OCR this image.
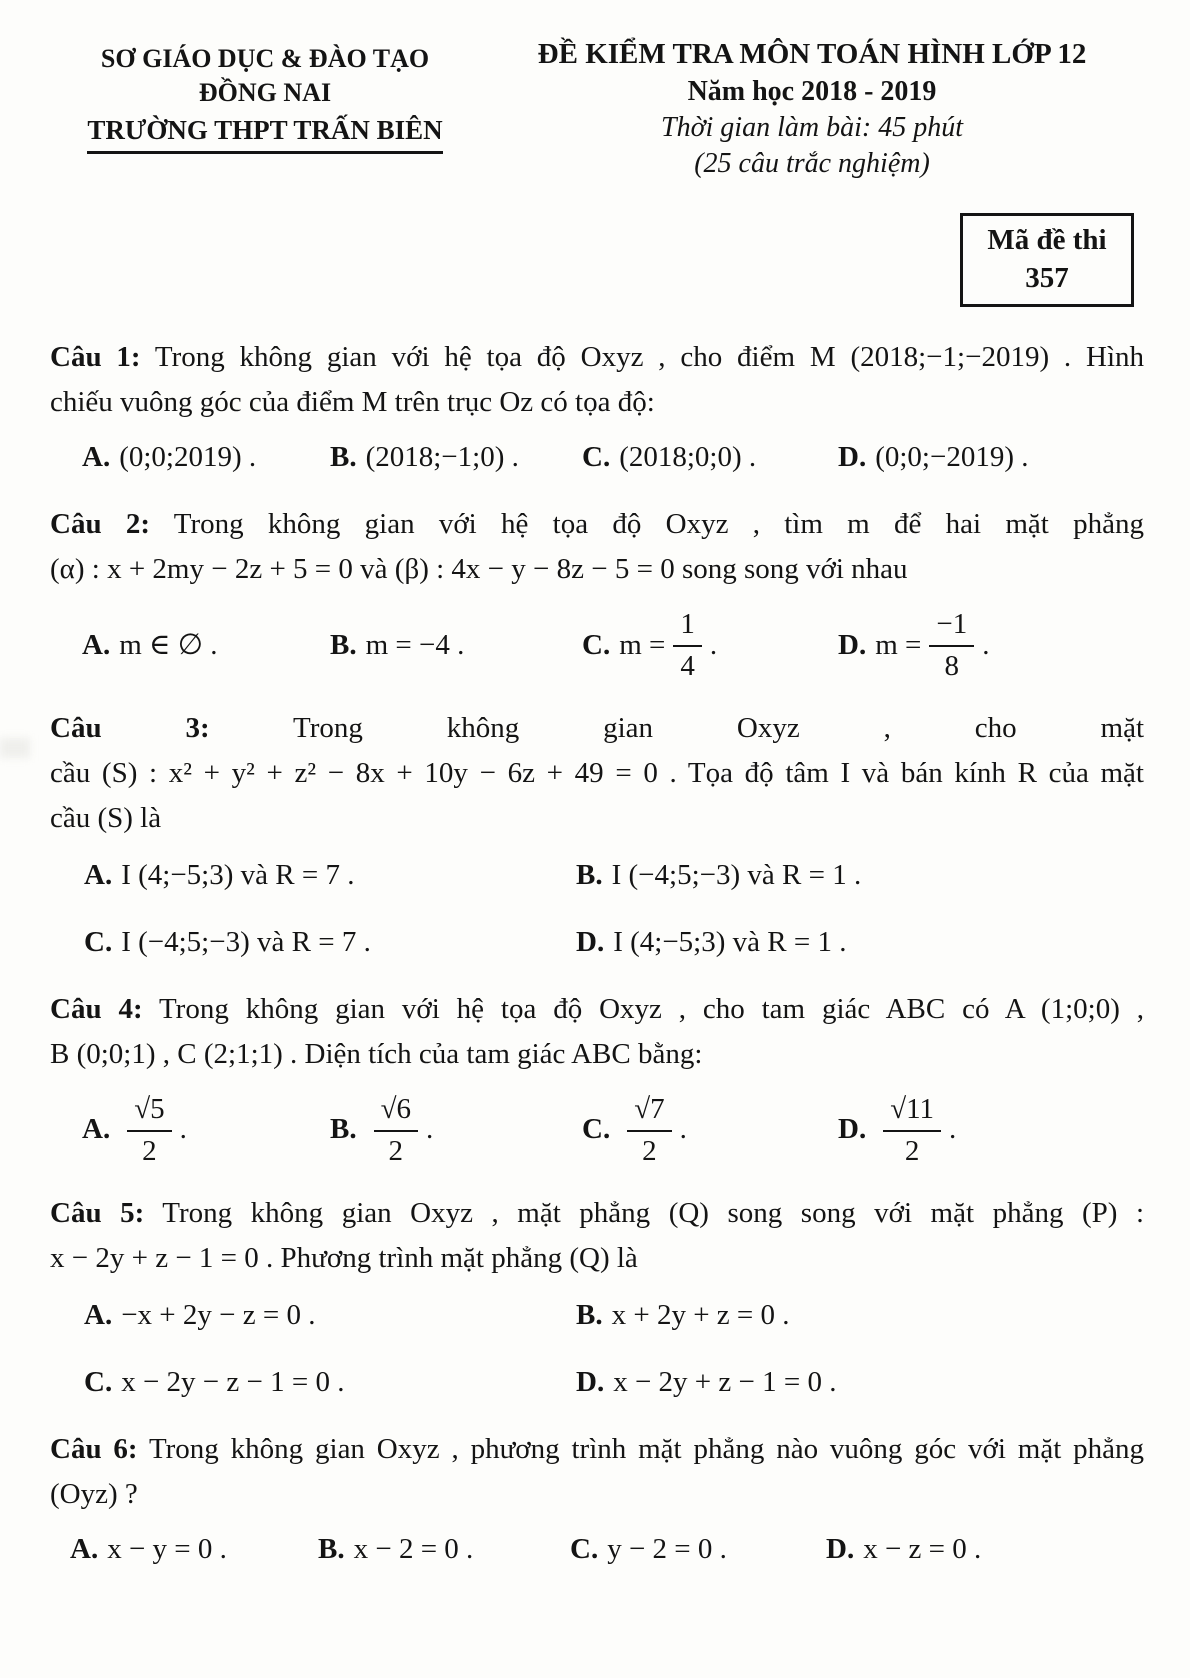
SƠ GIÁO DỤC & ĐÀO TẠO
ĐỒNG NAI
TRƯỜNG THPT TRẤN BIÊN
ĐỀ KIỂM TRA MÔN TOÁN HÌNH LỚP 12
Năm học 2018 - 2019
Thời gian làm bài: 45 phút
(25 câu trắc nghiệm)
Mã đề thi
357
Câu 1: Trong không gian với hệ tọa độ Oxyz , cho điểm M (2018;−1;−2019) . Hình
chiếu vuông góc của điểm M trên trục Oz có tọa độ:
A. (0;0;2019) .	B. (2018;−1;0) .	C. (2018;0;0) .	D. (0;0;−2019) .
Câu 2: Trong không gian với hệ tọa độ Oxyz , tìm m để hai mặt phẳng
(α) : x + 2my − 2z + 5 = 0 và (β) : 4x − y − 8z − 5 = 0 song song với nhau
A. m ∈ ∅ .	B. m = −4 .	C. $m = \frac{1}{4}$ .	D. $m = \frac{-1}{8}$ .
Câu 3:	Trong không gian Oxyz , cho mặt
cầu (S) : x² + y² + z² − 8x + 10y − 6z + 49 = 0 . Tọa độ tâm I và bán kính R của mặt
cầu (S) là
A. I (4;−5;3) và R = 7 .	B. I (−4;5;−3) và R = 1 .
C. I (−4;5;−3) và R = 7 .	D. I (4;−5;3) và R = 1 .
Câu 4: Trong không gian với hệ tọa độ Oxyz , cho tam giác ABC có A (1;0;0) ,
B (0;0;1) , C (2;1;1) . Diện tích của tam giác ABC bằng:
A. $\frac{√5}{2}$ .	B. $\frac{√6}{2}$ .	C. $\frac{√7}{2}$ .	D. $\frac{√11}{2}$ .
Câu 5: Trong không gian Oxyz , mặt phẳng (Q) song song với mặt phẳng (P) :
x − 2y + z − 1 = 0 . Phương trình mặt phẳng (Q) là
A. −x + 2y − z = 0 .	B. x + 2y + z = 0 .
C. x − 2y − z − 1 = 0 .	D. x − 2y + z − 1 = 0 .
Câu 6: Trong không gian Oxyz , phương trình mặt phẳng nào vuông góc với mặt phẳng
(Oyz) ?
A. x − y = 0 .	B. x − 2 = 0 .	C. y − 2 = 0 .	D. x − z = 0 .
